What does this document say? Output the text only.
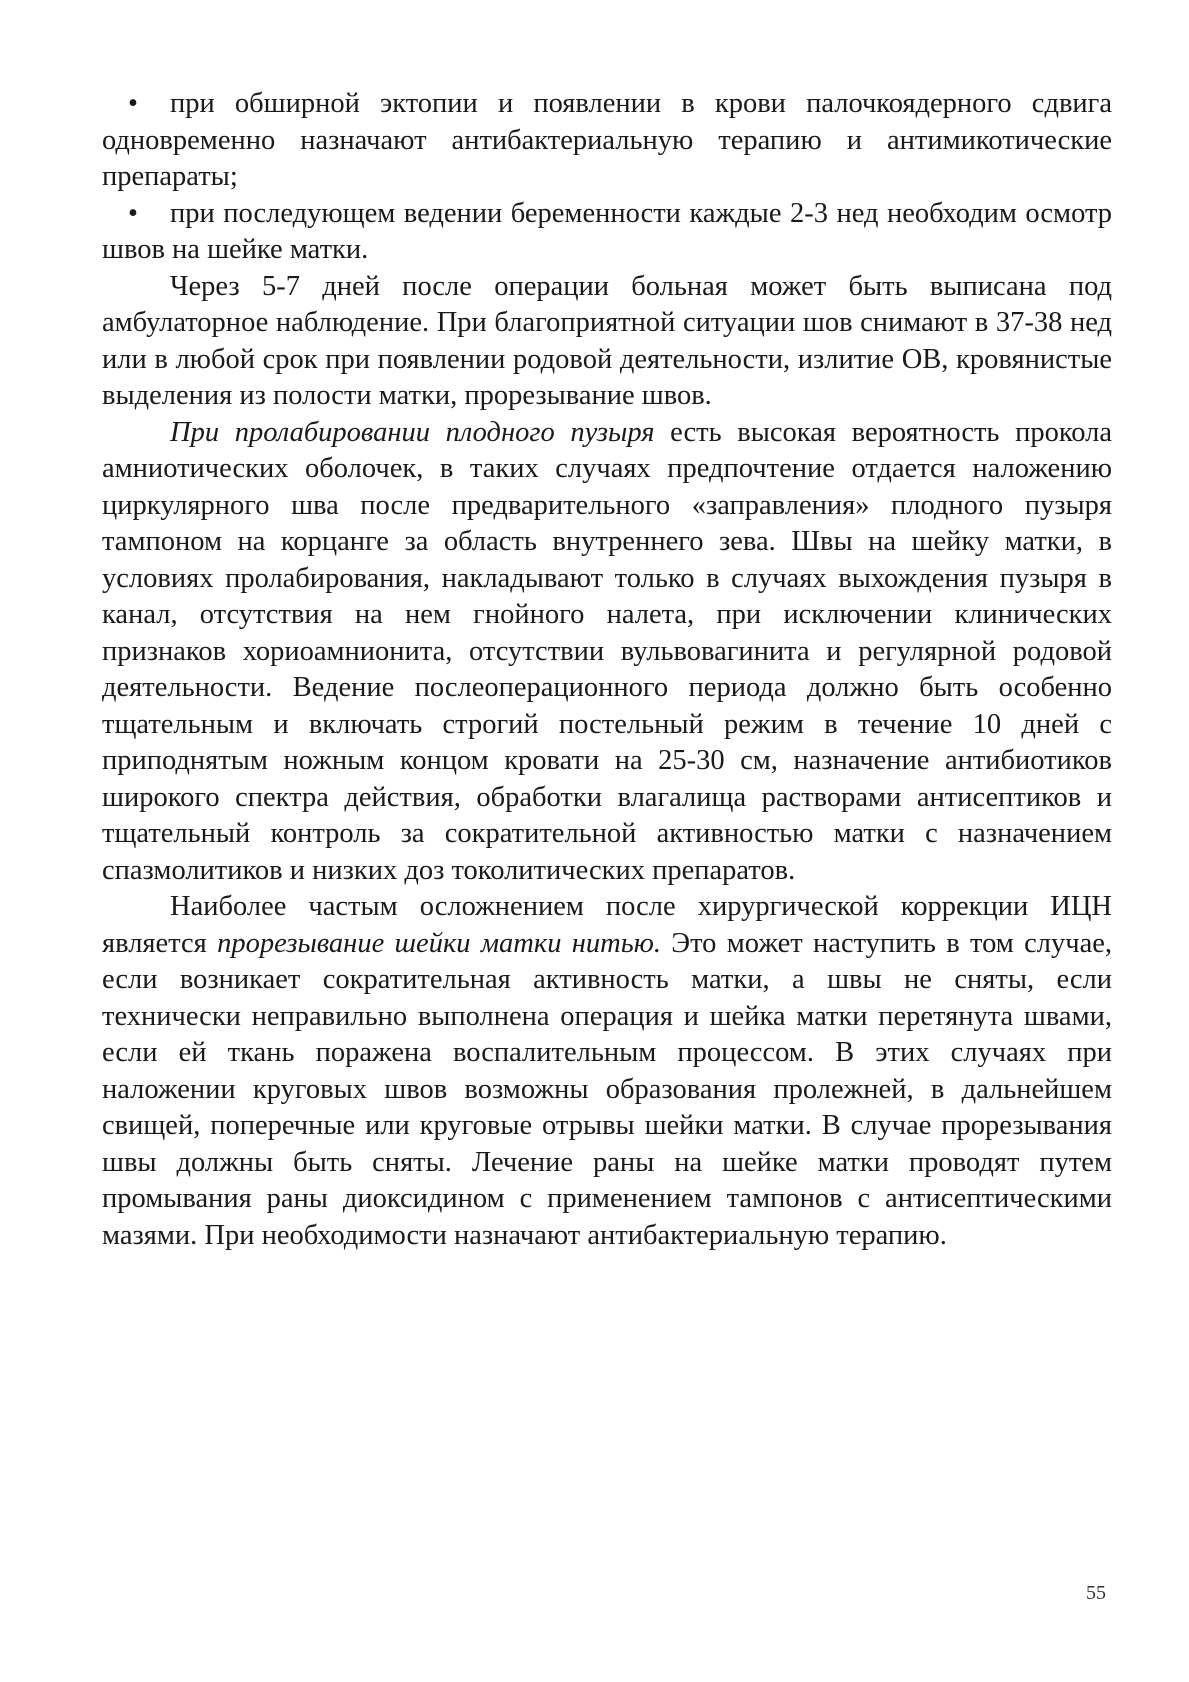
• при обширной эктопии и появлении в крови палочкоядерного сдвига одновременно назначают антибактериальную терапию и антимикотические препараты;

• при последующем ведении беременности каждые 2-3 нед необходим осмотр швов на шейке матки.

Через 5-7 дней после операции больная может быть выписана под амбулаторное наблюдение. При благоприятной ситуации шов снимают в 37-38 нед или в любой срок при появлении родовой деятельности, излитие ОВ, кровянистые выделения из полости матки, прорезывание швов.

При пролабировании плодного пузыря есть высокая вероятность прокола амниотических оболочек, в таких случаях предпочтение отдается наложению циркулярного шва после предварительного «заправления» плодного пузыря тампоном на корцанге за область внутреннего зева. Швы на шейку матки, в условиях пролабирования, накладывают только в случаях выхождения пузыря в канал, отсутствия на нем гнойного налета, при исключении клинических признаков хориоамнионита, отсутствии вульвовагинита и регулярной родовой деятельности. Ведение послеоперационного периода должно быть особенно тщательным и включать строгий постельный режим в течение 10 дней с приподнятым ножным концом кровати на 25-30 см, назначение антибиотиков широкого спектра действия, обработки влагалища растворами антисептиков и тщательный контроль за сократительной активностью матки с назначением спазмолитиков и низких доз токолитических препаратов.

Наиболее частым осложнением после хирургической коррекции ИЦН является прорезывание шейки матки нитью. Это может наступить в том случае, если возникает сократительная активность матки, а швы не сняты, если технически неправильно выполнена операция и шейка матки перетянута швами, если ей ткань поражена воспалительным процессом. В этих случаях при наложении круговых швов возможны образования пролежней, в дальнейшем свищей, поперечные или круговые отрывы шейки матки. В случае прорезывания швы должны быть сняты. Лечение раны на шейке матки проводят путем промывания раны диоксидином с применением тампонов с антисептическими мазями. При необходимости назначают антибактериальную терапию.

55
